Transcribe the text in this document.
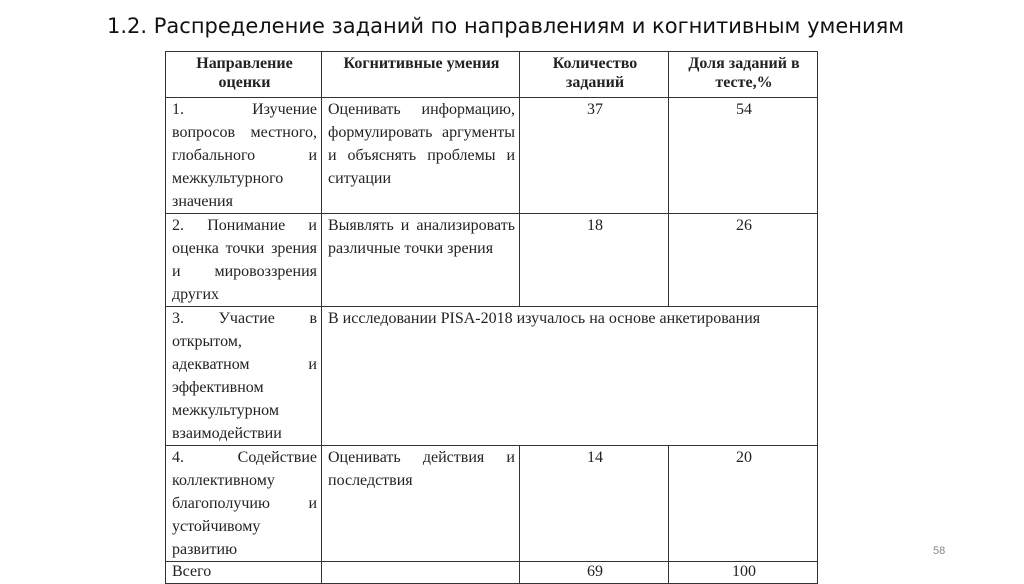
1.2. Распределение заданий по направлениям и когнитивным умениям
Направление оценки	Когнитивные умения	Количество заданий	Доля заданий в тесте,%
1. Изучение вопросов местного, глобального и межкультурного значения	Оценивать информацию, формулировать аргументы и объяснять проблемы и ситуации	37	54
2. Понимание и оценка точки зрения и мировоззрения других	Выявлять и анализировать различные точки зрения	18	26
3. Участие в открытом, адекватном и эффективном межкультурном взаимодействии	В исследовании PISA-2018 изучалось на основе анкетирования		
4. Содействие коллективному благополучию и устойчивому развитию	Оценивать действия и последствия	14	20
Всего		69	100
58
